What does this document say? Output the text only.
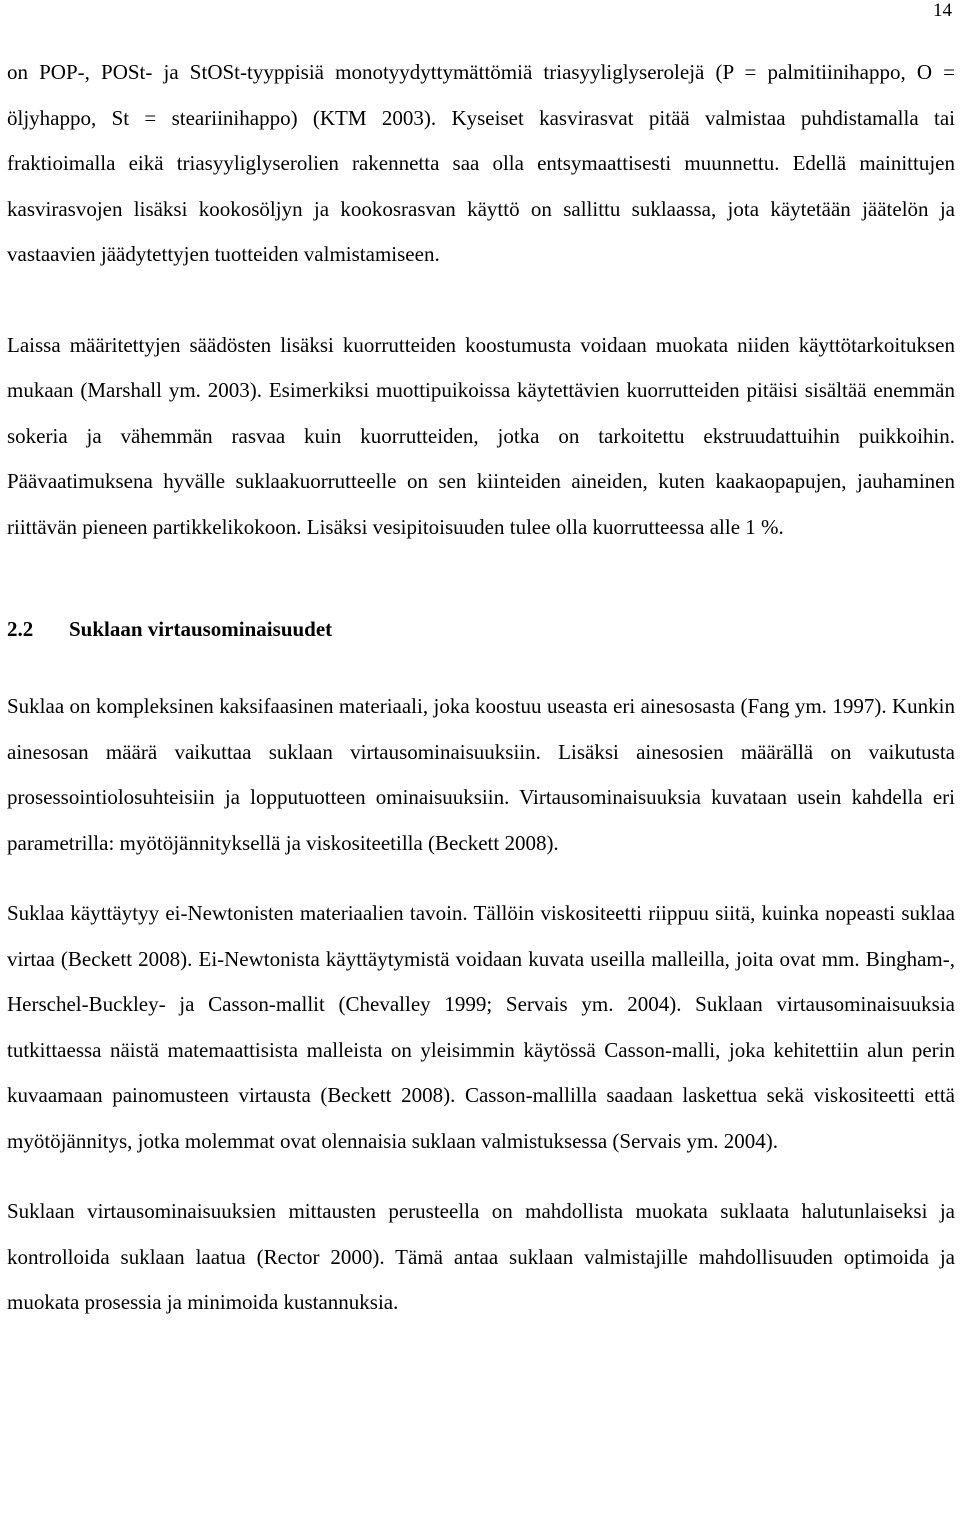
14

on POP-, POSt- ja StOSt-tyyppisiä monotyydyttymättömiä triasyyliglyserolejä (P = palmitiinihappo, O = öljyhappo, St = steariinihappo) (KTM 2003). Kyseiset kasvirasvat pitää valmistaa puhdistamalla tai fraktioimalla eikä triasyyliglyserolien rakennetta saa olla entsymaattisesti muunnettu. Edellä mainittujen kasvirasvojen lisäksi kookosöljyn ja kookosrasvan käyttö on sallittu suklaassa, jota käytetään jäätelön ja vastaavien jäädytettyjen tuotteiden valmistamiseen.

Laissa määritettyjen säädösten lisäksi kuorrutteiden koostumusta voidaan muokata niiden käyttötarkoituksen mukaan (Marshall ym. 2003). Esimerkiksi muottipuikoissa käytettävien kuorrutteiden pitäisi sisältää enemmän sokeria ja vähemmän rasvaa kuin kuorrutteiden, jotka on tarkoitettu ekstruudattuihin puikkoihin. Päävaatimuksena hyvälle suklaakuorrutteelle on sen kiinteiden aineiden, kuten kaakaopapujen, jauhaminen riittävän pieneen partikkelikokoon. Lisäksi vesipitoisuuden tulee olla kuorrutteessa alle 1 %.

2.2 Suklaan virtausominaisuudet

Suklaa on kompleksinen kaksifaasinen materiaali, joka koostuu useasta eri ainesosasta (Fang ym. 1997). Kunkin ainesosan määrä vaikuttaa suklaan virtausominaisuuksiin. Lisäksi ainesosien määrällä on vaikutusta prosessointiolosuhteisiin ja lopputuotteen ominaisuuksiin. Virtausominaisuuksia kuvataan usein kahdella eri parametrilla: myötöjännityksellä ja viskositeetilla (Beckett 2008).

Suklaa käyttäytyy ei-Newtonisten materiaalien tavoin. Tällöin viskositeetti riippuu siitä, kuinka nopeasti suklaa virtaa (Beckett 2008). Ei-Newtonista käyttäytymistä voidaan kuvata useilla malleilla, joita ovat mm. Bingham-, Herschel-Buckley- ja Casson-mallit (Chevalley 1999; Servais ym. 2004). Suklaan virtausominaisuuksia tutkittaessa näistä matemaattisista malleista on yleisimmin käytössä Casson-malli, joka kehitettiin alun perin kuvaamaan painomusteen virtausta (Beckett 2008). Casson-mallilla saadaan laskettua sekä viskositeetti että myötöjännitys, jotka molemmat ovat olennaisia suklaan valmistuksessa (Servais ym. 2004).

Suklaan virtausominaisuuksien mittausten perusteella on mahdollista muokata suklaata halutunlaiseksi ja kontrolloida suklaan laatua (Rector 2000). Tämä antaa suklaan valmistajille mahdollisuuden optimoida ja muokata prosessia ja minimoida kustannuksia.
